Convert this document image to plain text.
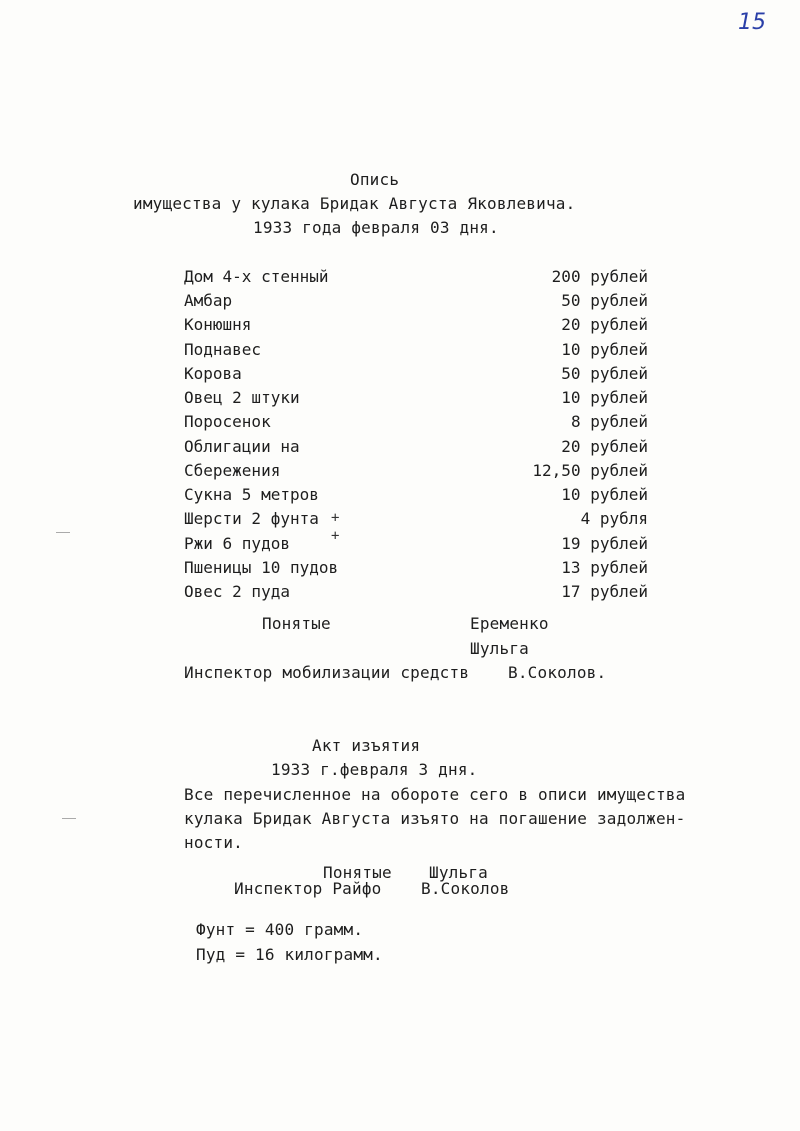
15
Опись
имущества у кулака Бридак Августа Яковлевича.
1933 года февраля 03 дня.
Дом 4-х стенный	200 рублей
Амбар	50 рублей
Конюшня	20 рублей
Поднавес	10 рублей
Корова	50 рублей
Овец 2 штуки	10 рублей
Поросенок	8 рублей
Облигации на	20 рублей
Сбережения	12,50 рублей
Сукна 5 метров	10 рублей
Шерсти 2 фунта	4 рубля
Ржи 6 пудов	19 рублей
Пшеницы 10 пудов	13 рублей
Овес 2 пуда	17 рублей
+
+
Понятые	Еременко
Шульга
Инспектор мобилизации средств В.Соколов.
Акт изъятия
1933 г.февраля 3 дня.
Все перечисленное на обороте сего в описи имущества
кулака Бридак Августа изъято на погашение задолжен-
ности.
Понятые Шульга
Инспектор Райфо В.Соколов
Фунт = 400 грамм.
Пуд = 16 килограмм.
